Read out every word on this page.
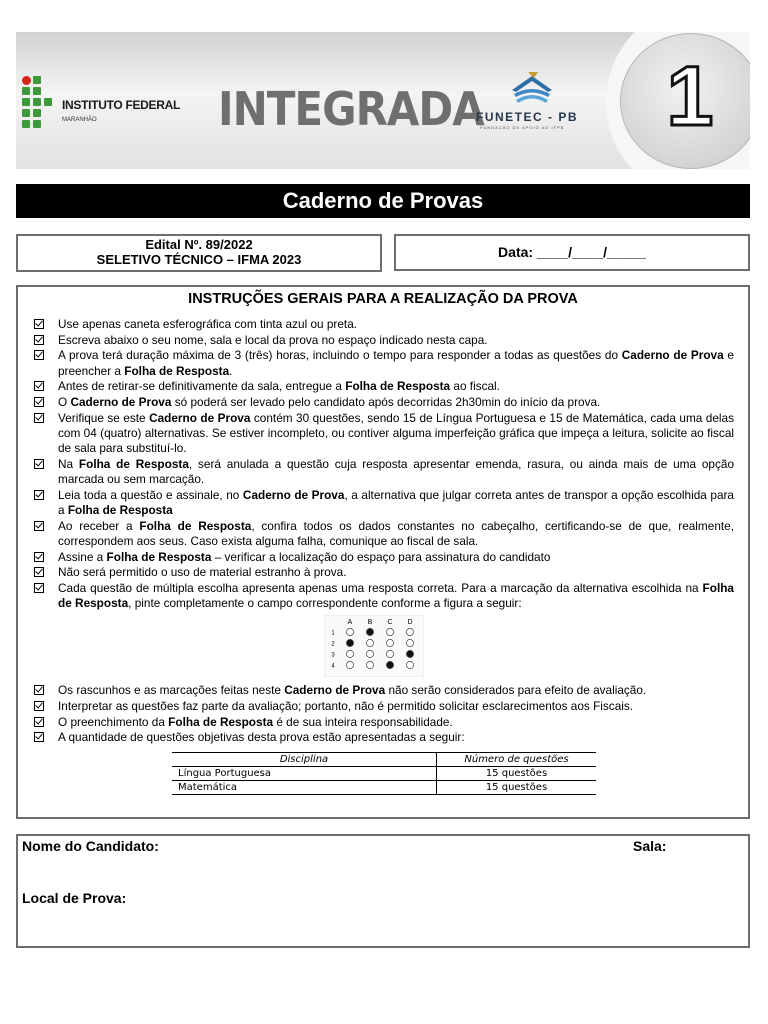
INSTITUTO FEDERAL
MARANHÃO	INTEGRADA
FUNETEC - PB
FUNDAÇÃO DE APOIO AO IFPB	1
Caderno de Provas
Edital Nº. 89/2022
SELETIVO TÉCNICO – IFMA 2023	Data: ____/____/_____
INSTRUÇÕES GERAIS PARA A REALIZAÇÃO DA PROVA
Use apenas caneta esferográfica com tinta azul ou preta.
Escreva abaixo o seu nome, sala e local da prova no espaço indicado nesta capa.
A prova terá duração máxima de 3 (três) horas, incluindo o tempo para responder a todas as questões do Caderno de Prova e preencher a Folha de Resposta.
Antes de retirar-se definitivamente da sala, entregue a Folha de Resposta ao fiscal.
O Caderno de Prova só poderá ser levado pelo candidato após decorridas 2h30min do início da prova.
Verifique se este Caderno de Prova contém 30 questões, sendo 15 de Língua Portuguesa e 15 de Matemática, cada uma delas com 04 (quatro) alternativas. Se estiver incompleto, ou contiver alguma imperfeição gráfica que impeça a leitura, solicite ao fiscal de sala para substituí-lo.
Na Folha de Resposta, será anulada a questão cuja resposta apresentar emenda, rasura, ou ainda mais de uma opção marcada ou sem marcação.
Leia toda a questão e assinale, no Caderno de Prova, a alternativa que julgar correta antes de transpor a opção escolhida para a Folha de Resposta
Ao receber a Folha de Resposta, confira todos os dados constantes no cabeçalho, certificando-se de que, realmente, correspondem aos seus. Caso exista alguma falha, comunique ao fiscal de sala.
Assine a Folha de Resposta – verificar a localização do espaço para assinatura do candidato
Não será permitido o uso de material estranho à prova.
Cada questão de múltipla escolha apresenta apenas uma resposta correta. Para a marcação da alternativa escolhida na Folha de Resposta, pinte completamente o campo correspondente conforme a figura a seguir:
A B C D
1
2
3
4
Os rascunhos e as marcações feitas neste Caderno de Prova não serão considerados para efeito de avaliação.
Interpretar as questões faz parte da avaliação; portanto, não é permitido solicitar esclarecimentos aos Fiscais.
O preenchimento da Folha de Resposta é de sua inteira responsabilidade.
A quantidade de questões objetivas desta prova estão apresentadas a seguir:
Disciplina	Número de questões
Língua Portuguesa	15 questões
Matemática	15 questões
Nome do Candidato:	Sala:
Local de Prova:
